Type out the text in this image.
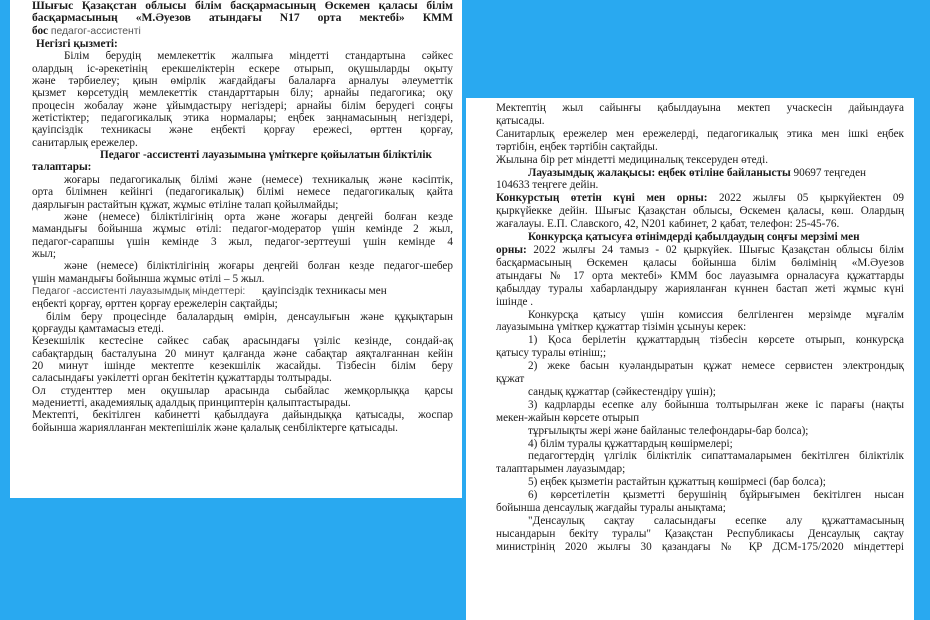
Шығыс Қазақстан облысы білім басқармасының Өскемен қаласы білім
басқармасының «М.Әуезов атындағы N17 орта мектебі» КММ
бос педагог-ассистенті
Негізгі қызметі:
Білім берудің мемлекеттік жалпыға міндетті стандартына сәйкес
олардың іс-әрекетінің ерекшеліктерін ескере отырып, оқушыларды оқыту
және тәрбиелеу; қиын өмірлік жағдайдағы балаларға арналуы әлеуметтік
қызмет көрсетудің мемлекеттік стандарттарын білу; арнайы педагогика; оқу
процесін жобалау және ұйымдастыру негіздері; арнайы білім берудегі соңғы
жетістіктер; педагогикалық этика нормалары; еңбек заңнамасының негіздері,
қауіпсіздік техникасы және еңбекті қорғау ережесі, өрттен қорғау,
санитарлық ережелер.
Педагог -ассистенті лауазымына үміткерге қойылатын біліктілік
талаптары:
жоғары педагогикалық білімі және (немесе) техникалық және кәсіптік,
орта білімнен кейінгі (педагогикалық) білімі немесе педагогикалық қайта
даярлығын растайтын құжат, жұмыс өтіліне талап қойылмайды;
және (немесе) біліктілігінің орта және жоғары деңгейі болған кезде
мамандығы бойынша жұмыс өтілі: педагог-модератор үшін кемінде 2 жыл,
педагог-сарапшы үшін кемінде 3 жыл, педагог-зерттеуші үшін кемінде 4
жыл;
және (немесе) біліктілігінің жоғары деңгейі болған кезде педагог-шебер
үшін мамандығы бойынша жұмыс өтілі – 5 жыл.
Педагог -ассистенті лауазымдық міндеттері: қауіпсіздік техникасы мен
еңбекті қорғау, өрттен қорғау ережелерін сақтайды;
білім беру процесінде балалардың өмірін, денсаулығын және құқықтарын
қорғауды қамтамасыз етеді.
Кезекшілік кестесіне сәйкес сабақ арасындағы үзіліс кезінде, сондай-ақ
сабақтардың басталуына 20 минут қалғанда және сабақтар аяқталғаннан кейін
20 минут ішінде мектепте кезекшілік жасайды. Тізбесін білім беру
саласындағы уәкілетті орган бекітетін құжаттарды толтырады.
Ол студенттер мен оқушылар арасында сыбайлас жемқорлыққа қарсы
мәдениетті, академиялық адалдық принциптерін қалыптастырады.
Мектепті, бекітілген кабинетті қабылдауға дайындыққа қатысады, жоспар
бойынша жариялланған мектепішілік және қалалық сенбіліктерге қатысады.
Мектептің жыл сайынғы қабылдауына мектеп учаскесін дайындауға
қатысады.
Санитарлық ережелер мен ережелерді, педагогикалық этика мен ішкі еңбек
тәртібін, еңбек тәртібін сақтайды.
Жылына бір рет міндетті медициналық тексеруден өтеді.
Лауазымдық жалақысы: еңбек өтіліне байланысты 90697 теңгеден
104633 теңгеге дейін.
Конкурстың өтетін күні мен орны: 2022 жылғы 05 қыркүйектен 09
қыркүйекке дейін. Шығыс Қазақстан облысы, Өскемен қаласы, көш. Олардың
жағалауы. Е.П. Славского, 42, N201 кабинет, 2 қабат, телефон: 25-45-76.
Конкурсқа қатысуға өтінімдерді қабылдаудың соңғы мерзімі мен
орны: 2022 жылғы 24 тамыз - 02 қыркүйек. Шығыс Қазақстан облысы білім
басқармасының Өскемен қаласы бойынша білім бөлімінің «М.Әуезов
атындағы № 17 орта мектебі» КММ бос лауазымға орналасуға құжаттарды
қабылдау туралы хабарландыру жарияланған күннен бастап жеті жұмыс күні
ішінде .
Конкурсқа қатысу үшін комиссия белгіленген мерзімде мұғалім
лауазымына үміткер құжаттар тізімін ұсынуы керек:
1) Қоса берілетін құжаттардың тізбесін көрсете отырып, конкурсқа
қатысу туралы өтініш;;
2) жеке басын куәландыратын құжат немесе сервистен электрондық
құжат
сандық құжаттар (сәйкестендіру үшін);
3) кадрларды есепке алу бойынша толтырылған жеке іс парағы (нақты
мекен-жайын көрсете отырып
тұрғылықты жері және байланыс телефондары-бар болса);
4) білім туралы құжаттардың көшірмелері;
педагогтердің үлгілік біліктілік сипаттамаларымен бекітілген біліктілік
талаптарымен лауазымдар;
5) еңбек қызметін растайтын құжаттың көшірмесі (бар болса);
6) көрсетілетін қызметті берушінің бұйрығымен бекітілген нысан
бойынша денсаулық жағдайы туралы анықтама;
"Денсаулық сақтау саласындағы есепке алу құжаттамасының
нысандарын бекіту туралы" Қазақстан Республикасы Денсаулық сақтау
министрінің 2020 жылғы 30 қазандағы № ҚР ДСМ-175/2020 міндеттері
